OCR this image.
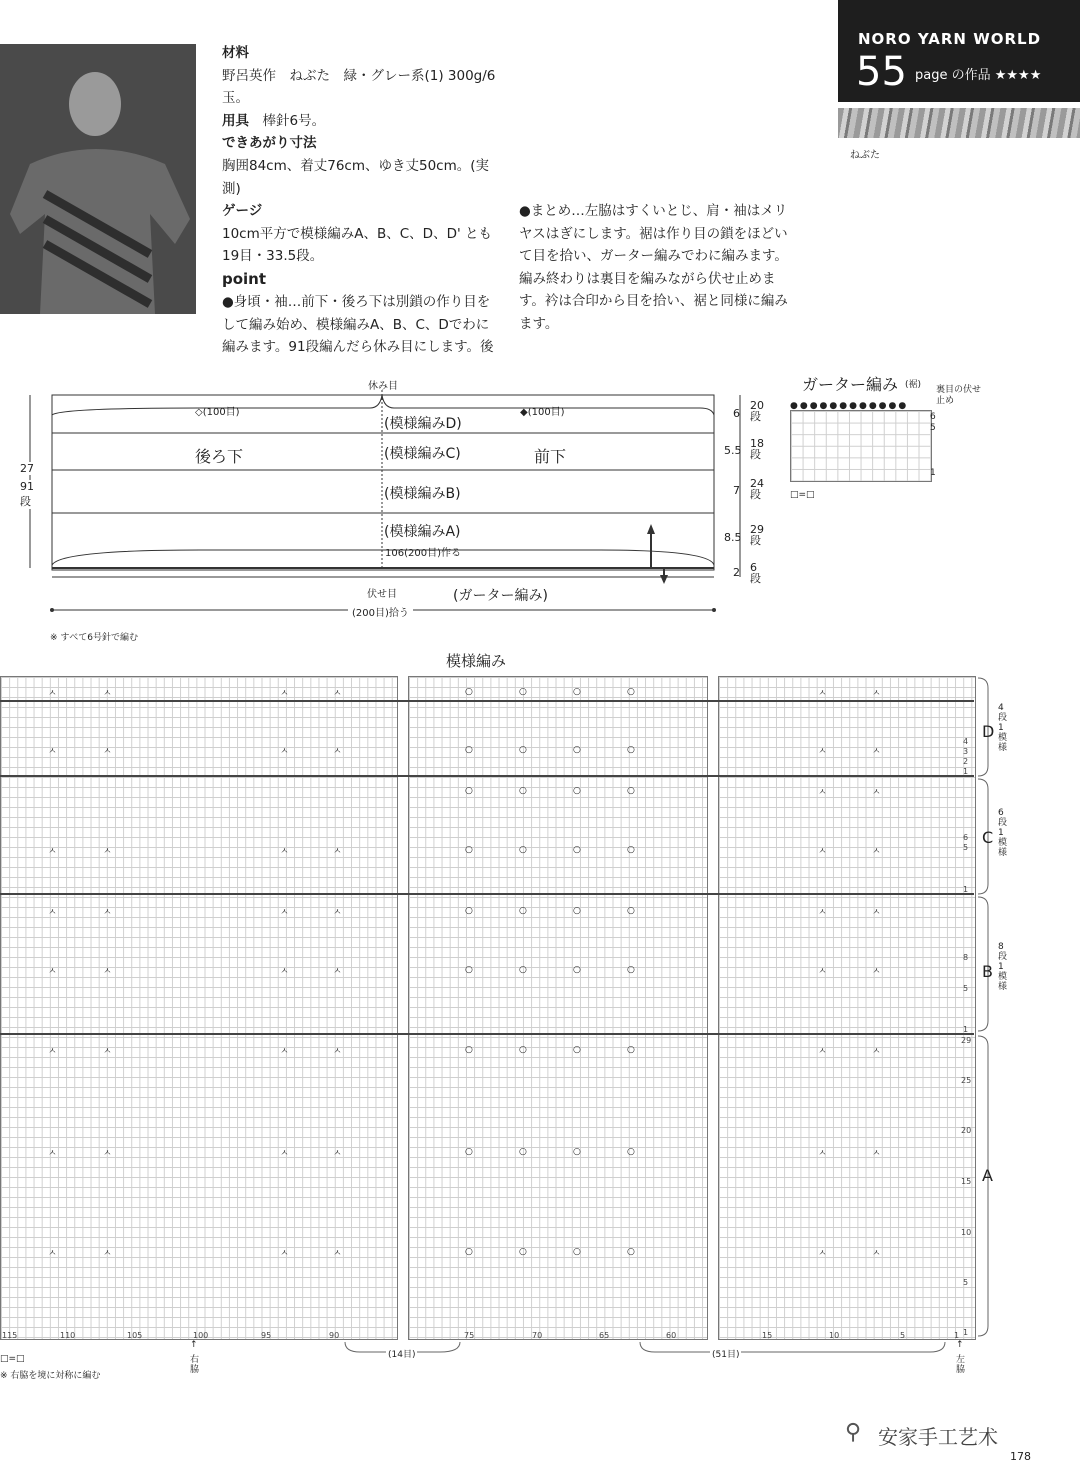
材料
野呂英作　ねぶた　緑・グレー系(1) 300g/6玉。
用具　 棒針6号。
できあがり寸法
胸囲84cm、着丈76cm、ゆき丈50cm。(実測)
ゲージ
10cm平方で模様編みA、B、C、D、D' とも19目・33.5段。
point
●身頃・袖…前下・後ろ下は別鎖の作り目をして編み始め、模様編みA、B、C、Dでわに編みます。91段編んだら休み目にします。後
●まとめ…左脇はすくいとじ、肩・袖はメリヤスはぎにします。裾は作り目の鎖をほどいて目を拾い、ガーター編みでわに編みます。編み終わりは裏目を編みながら伏せ止めます。衿は合印から目を拾い、裾と同様に編みます。
NORO YARN WORLD
55 page の作品 ★★★★
ねぶた
休み目
◇(100目)	◆(100目)
(模様編みD)
後ろ下	(模様編みC)	前下
(模様編みB)
(模様編みA)
106(200目)作る
伏せ目	(ガーター編み)
(200目)拾う
27
91段
6
5.5
7
8.5
2
20段
18段
24段
29段
6段
※ すべて6号針で編む
ガーター編み (裾) 裏目の伏せ止め
●●●●●●●●●●●●
6
5
1
□=□
模様編み
ㅅ	ㅅ	ㅅ	ㅅ	○	○	○	○	ㅅ	ㅅ
ㅅ	ㅅ	ㅅ	ㅅ	○	○	○	○	ㅅ	ㅅ
○	○	○	○	ㅅ	ㅅ
ㅅ	ㅅ	ㅅ	ㅅ	○	○	○	○	ㅅ	ㅅ
ㅅ	ㅅ	ㅅ	ㅅ	○	○	○	○	ㅅ	ㅅ
ㅅ	ㅅ	ㅅ	ㅅ	○	○	○	○	ㅅ	ㅅ
ㅅ	ㅅ	ㅅ	ㅅ	○	○	○	○	ㅅ	ㅅ
ㅅ	ㅅ	ㅅ	ㅅ	○	○	○	○	ㅅ	ㅅ
ㅅ	ㅅ	ㅅ	ㅅ	○	○	○	○	ㅅ	ㅅ
4
3
2
1
6
5
1
8
5
1
29
25
20
15
10
5
1
D
4段1模様
C
6段1模様
B
8段1模様
A
115	110	105	100	95	90	75	70	65	60	15	10	5	1
(14目)	(51目)
↑
右脇
↑
左脇
□=□
※ 右脇を境に対称に編む
⚲ 安家手工艺术
178
